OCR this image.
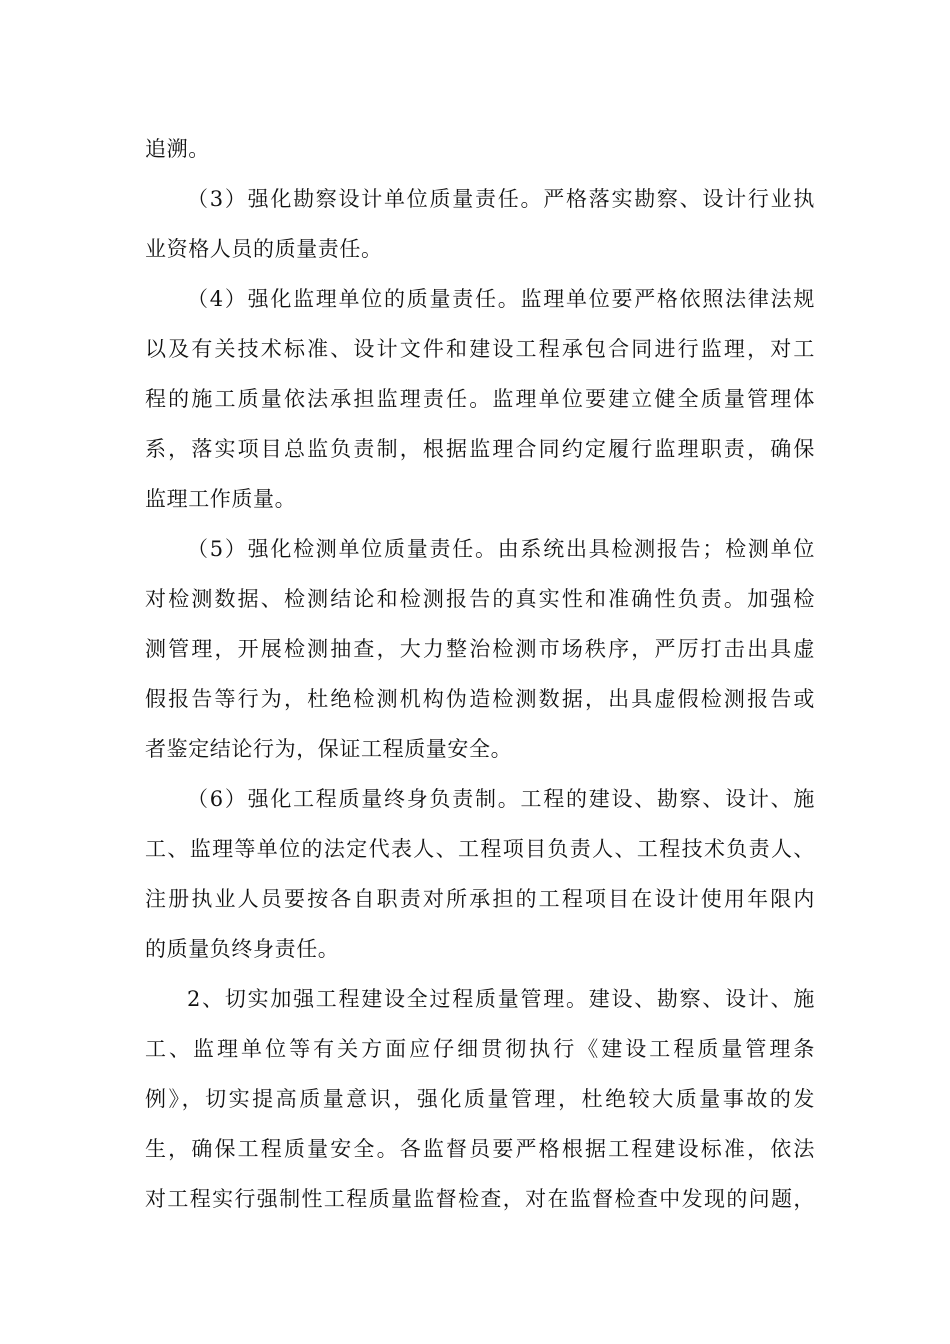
追溯。

（3）强化勘察设计单位质量责任。严格落实勘察、设计行业执

业资格人员的质量责任。

（4）强化监理单位的质量责任。监理单位要严格依照法律法规

以及有关技术标准、设计文件和建设工程承包合同进行监理，对工

程的施工质量依法承担监理责任。监理单位要建立健全质量管理体

系，落实项目总监负责制，根据监理合同约定履行监理职责，确保

监理工作质量。

（5）强化检测单位质量责任。由系统出具检测报告；检测单位

对检测数据、检测结论和检测报告的真实性和准确性负责。加强检

测管理，开展检测抽查，大力整治检测市场秩序，严厉打击出具虚

假报告等行为，杜绝检测机构伪造检测数据，出具虚假检测报告或

者鉴定结论行为，保证工程质量安全。

（6）强化工程质量终身负责制。工程的建设、勘察、设计、施

工、监理等单位的法定代表人、工程项目负责人、工程技术负责人、

注册执业人员要按各自职责对所承担的工程项目在设计使用年限内

的质量负终身责任。

2、切实加强工程建设全过程质量管理。建设、勘察、设计、施

工、监理单位等有关方面应仔细贯彻执行《建设工程质量管理条

例》，切实提高质量意识，强化质量管理，杜绝较大质量事故的发

生，确保工程质量安全。各监督员要严格根据工程建设标准，依法

对工程实行强制性工程质量监督检查，对在监督检查中发现的问题，
